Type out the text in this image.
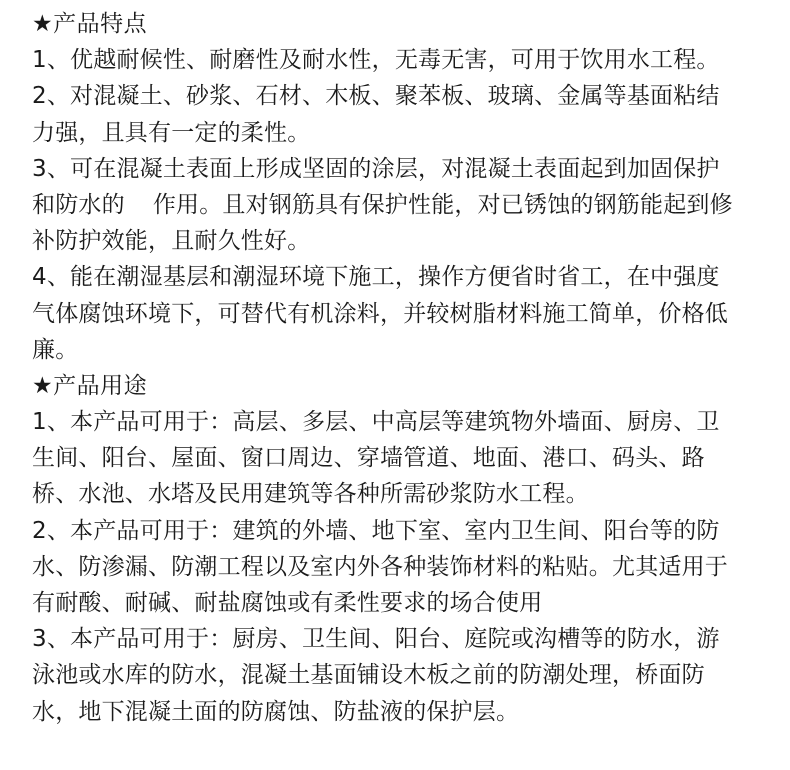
★产品特点
1、优越耐候性、耐磨性及耐水性，无毒无害，可用于饮用水工程。
2、对混凝土、砂浆、石材、木板、聚苯板、玻璃、金属等基面粘结
力强，且具有一定的柔性。
3、可在混凝土表面上形成坚固的涂层，对混凝土表面起到加固保护
和防水的 作用。且对钢筋具有保护性能，对已锈蚀的钢筋能起到修
补防护效能，且耐久性好。
4、能在潮湿基层和潮湿环境下施工，操作方便省时省工，在中强度
气体腐蚀环境下，可替代有机涂料，并较树脂材料施工简单，价格低
廉。
★产品用途
1、本产品可用于：高层、多层、中高层等建筑物外墙面、厨房、卫
生间、阳台、屋面、窗口周边、穿墙管道、地面、港口、码头、路
桥、水池、水塔及民用建筑等各种所需砂浆防水工程。
2、本产品可用于：建筑的外墙、地下室、室内卫生间、阳台等的防
水、防渗漏、防潮工程以及室内外各种装饰材料的粘贴。尤其适用于
有耐酸、耐碱、耐盐腐蚀或有柔性要求的场合使用
3、本产品可用于：厨房、卫生间、阳台、庭院或沟槽等的防水，游
泳池或水库的防水，混凝土基面铺设木板之前的防潮处理，桥面防
水，地下混凝土面的防腐蚀、防盐液的保护层。
